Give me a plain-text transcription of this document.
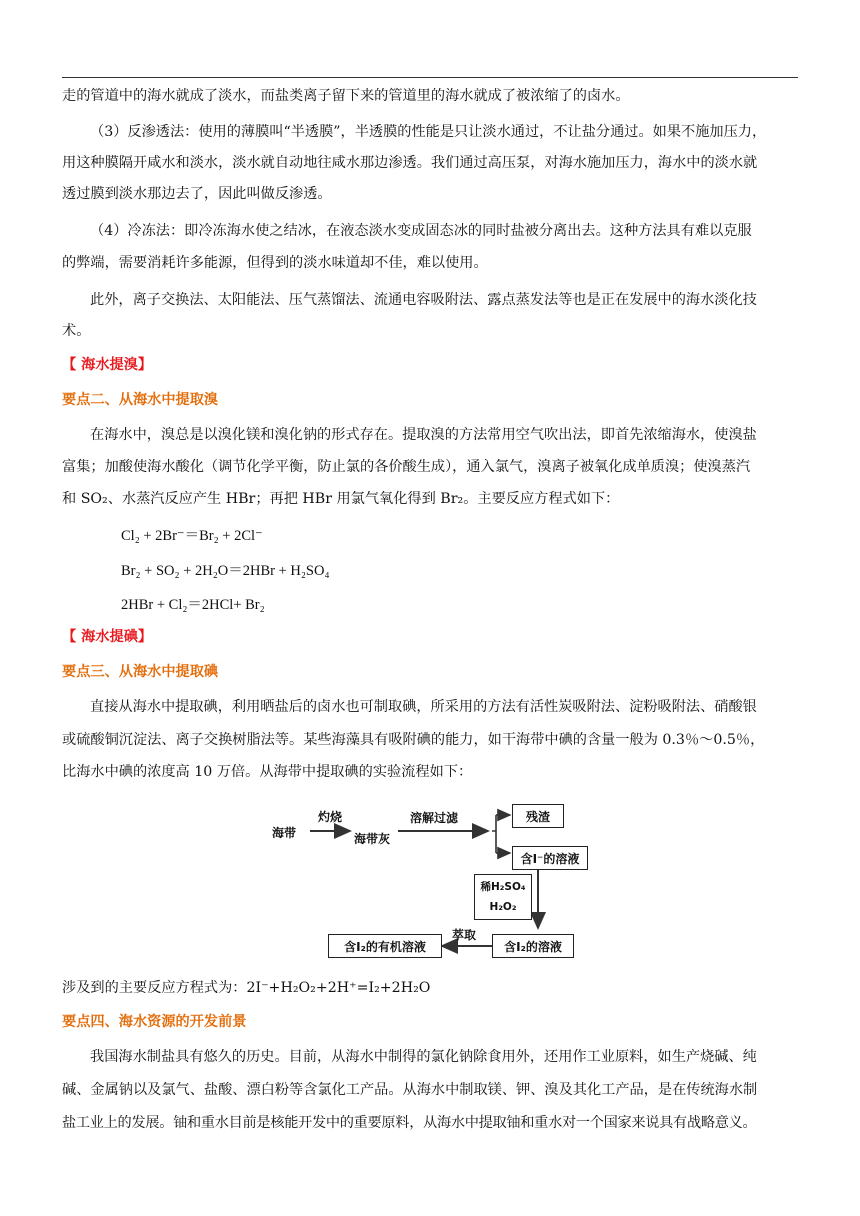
走的管道中的海水就成了淡水，而盐类离子留下来的管道里的海水就成了被浓缩了的卤水。
（3）反渗透法：使用的薄膜叫“半透膜”，半透膜的性能是只让淡水通过，不让盐分通过。如果不施加压力，
用这种膜隔开咸水和淡水，淡水就自动地往咸水那边渗透。我们通过高压泵，对海水施加压力，海水中的淡水就
透过膜到淡水那边去了，因此叫做反渗透。
（4）冷冻法：即冷冻海水使之结冰，在液态淡水变成固态冰的同时盐被分离出去。这种方法具有难以克服
的弊端，需要消耗许多能源，但得到的淡水味道却不佳，难以使用。
此外，离子交换法、太阳能法、压气蒸馏法、流通电容吸附法、露点蒸发法等也是正在发展中的海水淡化技
术。
【 海水提溴】
要点二、从海水中提取溴
在海水中，溴总是以溴化镁和溴化钠的形式存在。提取溴的方法常用空气吹出法，即首先浓缩海水，使溴盐
富集；加酸使海水酸化（调节化学平衡，防止氯的各价酸生成），通入氯气，溴离子被氧化成单质溴；使溴蒸汽
和 SO₂、水蒸汽反应产生 HBr；再把 HBr 用氯气氧化得到 Br₂。主要反应方程式如下：
Cl₂ + 2Br⁻＝Br₂ + 2Cl⁻
Br₂ + SO₂ + 2H₂O＝2HBr + H₂SO₄
2HBr + Cl₂＝2HCl+ Br₂
【 海水提碘】
要点三、从海水中提取碘
直接从海水中提取碘，利用晒盐后的卤水也可制取碘，所采用的方法有活性炭吸附法、淀粉吸附法、硝酸银
或硫酸铜沉淀法、离子交换树脂法等。某些海藻具有吸附碘的能力，如干海带中碘的含量一般为 0.3％～0.5％，
比海水中碘的浓度高 10 万倍。从海带中提取碘的实验流程如下：
海带
灼烧
海带灰
溶解过滤	残渣
含I⁻的溶液
稀H₂SO₄
H₂O₂
含I₂的溶液
萃取
含I₂的有机溶液
涉及到的主要反应方程式为：2I⁻+H₂O₂+2H⁺=I₂+2H₂O
要点四、海水资源的开发前景
我国海水制盐具有悠久的历史。目前，从海水中制得的氯化钠除食用外，还用作工业原料，如生产烧碱、纯
碱、金属钠以及氯气、盐酸、漂白粉等含氯化工产品。从海水中制取镁、钾、溴及其化工产品，是在传统海水制
盐工业上的发展。铀和重水目前是核能开发中的重要原料，从海水中提取铀和重水对一个国家来说具有战略意义。
